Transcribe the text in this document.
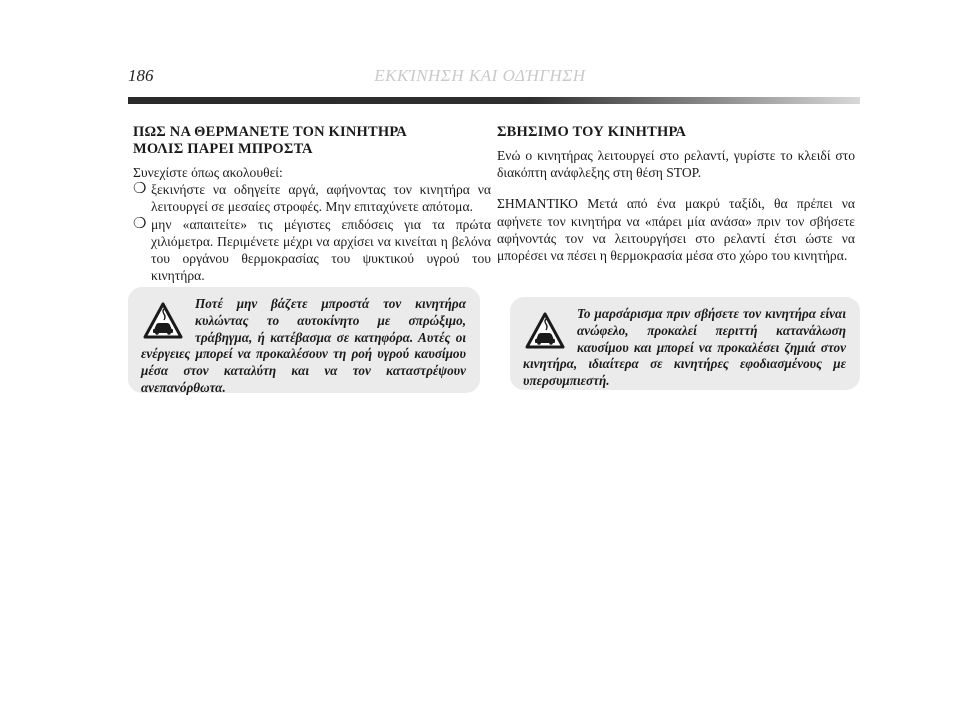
186	ΕΚΚΊΝΗΣΗ ΚΑΙ ΟΔΉΓΗΣΗ
ΠΩΣ ΝΑ ΘΕΡΜΑΝΕΤΕ ΤΟΝ ΚΙΝΗΤΗΡΑ
ΜΟΛΙΣ ΠΑΡΕΙ ΜΠΡΟΣΤΑ

Συνεχίστε όπως ακολουθεί:

❍ ξεκινήστε να οδηγείτε αργά, αφήνοντας τον κινητήρα να λειτουργεί σε μεσαίες στροφές. Μην επιταχύνετε απότομα.
❍ μην «απαιτείτε» τις μέγιστες επιδόσεις για τα πρώτα χιλιόμετρα. Περιμένετε μέχρι να αρχίσει να κινείται η βελόνα του οργάνου θερμοκρασίας του ψυκτικού υγρού του κινητήρα.
Ποτέ μην βάζετε μπροστά τον κινητήρα κυλώντας το αυτοκίνητο με σπρώξιμο, τράβηγμα, ή κατέβασμα σε κατηφόρα. Αυτές οι ενέργειες μπορεί να προκαλέσουν τη ροή υγρού καυσίμου μέσα στον καταλύτη και να τον καταστρέψουν ανεπανόρθωτα.
ΣΒΗΣΙΜΟ ΤΟΥ ΚΙΝΗΤΗΡΑ

Ενώ ο κινητήρας λειτουργεί στο ρελαντί, γυρίστε το κλειδί στο διακόπτη ανάφλεξης στη θέση STOP.

ΣΗΜΑΝΤΙΚΟ Μετά από ένα μακρύ ταξίδι, θα πρέπει να αφήνετε τον κινητήρα να «πάρει μία ανάσα» πριν τον σβήσετε αφήνοντάς τον να λειτουργήσει στο ρελαντί έτσι ώστε να μπορέσει να πέσει η θερμοκρασία μέσα στο χώρο του κινητήρα.

Το μαρσάρισμα πριν σβήσετε τον κινητήρα είναι ανώφελο, προκαλεί περιττή κατανάλωση καυσίμου και μπορεί να προκαλέσει ζημιά στον κινητήρα, ιδιαίτερα σε κινητήρες εφοδιασμένους με υπερσυμπιεστή.
